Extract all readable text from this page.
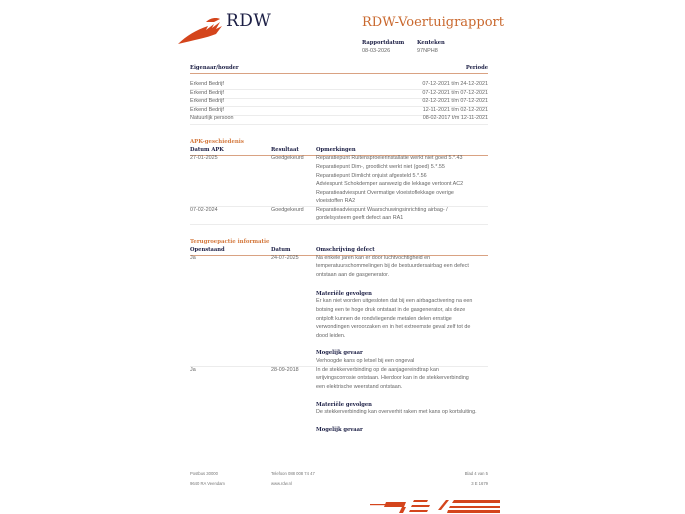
RDW	RDW-Voertuigrapport
Rapportdatum
08-03-2026
Kenteken
97NPH8
Eigenaar/houder	Periode
Erkend Bedrijf	07-12-2021 t/m 24-12-2021
Erkend Bedrijf	07-12-2021 t/m 07-12-2021
Erkend Bedrijf	02-12-2021 t/m 07-12-2021
Erkend Bedrijf	12-11-2021 t/m 02-12-2021
Natuurlijk persoon	08-02-2017 t/m 12-11-2021
APK-geschiedenis
Datum APK	Resultaat	Opmerkingen
27-01-2025	Goedgekeurd Reparatiepunt Ruitensproeierinstallatie werkt niet goed 5.*.43
Reparatiepunt Dim-, grootlicht werkt niet (goed) 5.*.55
Reparatiepunt Dimlicht onjuist afgesteld 5.*.56
Adviespunt Schokdemper aanwezig die lekkage vertoont AC2
Reparatieadviespunt Overmatige vloeistoflekkage overige
vloeistoffen RA2
07-02-2024	Goedgekeurd Reparatieadviespunt Waarschuwingsinrichting airbag- /
gordelsysteem geeft defect aan RA1
Terugroepactie informatie
Openstaand	Datum	Omschrijving defect
Ja	24-07-2025	Na enkele jaren kan er door luchtvochtigheid en
temperatuurschommelingen bij de bestuurdersairbag een defect
ontstaan aan de gasgenerator.
Materiële gevolgen
Er kan niet worden uitgesloten dat bij een airbagactivering na een
botsing een te hoge druk ontstaat in de gasgenerator, als deze
ontploft kunnen de rondvliegende metalen delen ernstige
verwondingen veroorzaken en in het extreemste geval zelf tot de
dood leiden.
Mogelijk gevaar
Verhoogde kans op letsel bij een ongeval
Ja	28-09-2018	In de stekkerverbinding op de aanjagereindtrap kan
wrijvingscorrosie ontstaan. Hierdoor kan in de stekkerverbinding
een elektrische weerstand ontstaan.
Materiële gevolgen
De stekkerverbinding kan oververhit raken met kans op kortsluiting.
Mogelijk gevaar
Postbus 30000
9640 RA Veendam
Telefoon 088 008 74 47
www.rdw.nl
Blad 4 van 5
3 E 1679
